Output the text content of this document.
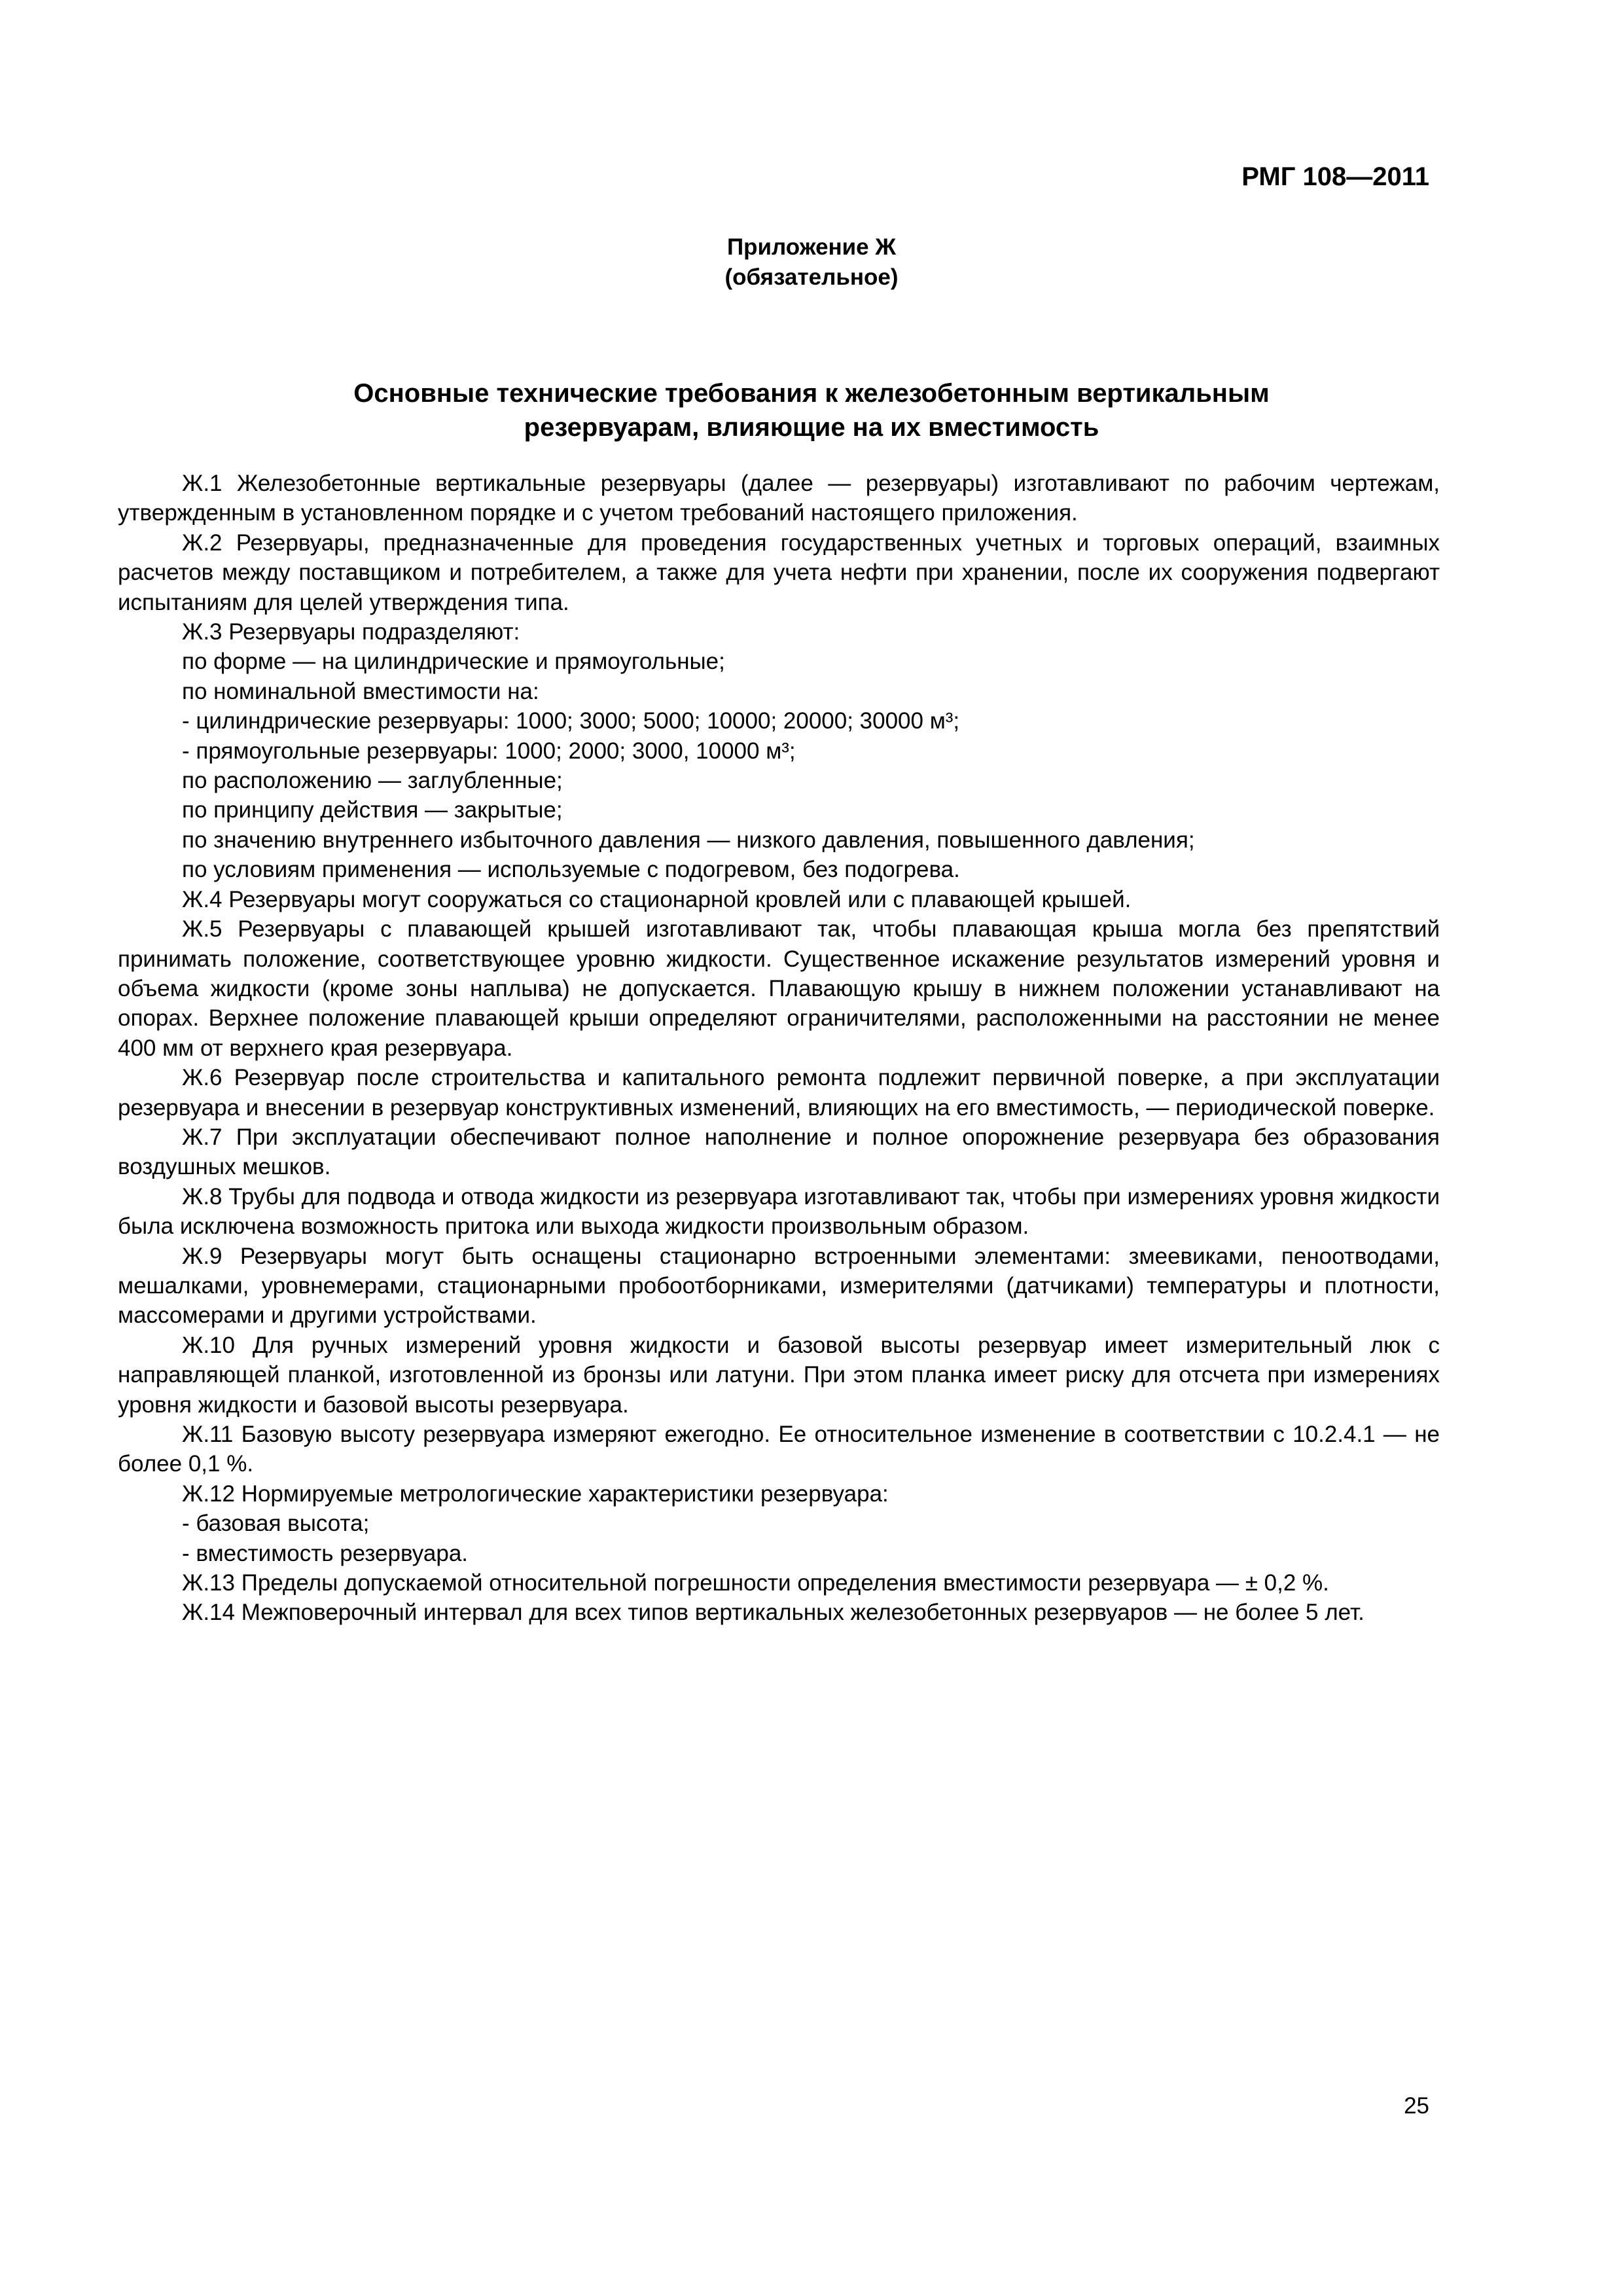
РМГ 108—2011
Приложение Ж
(обязательное)
Основные технические требования к железобетонным вертикальным
резервуарам, влияющие на их вместимость

Ж.1 Железобетонные вертикальные резервуары (далее — резервуары) изготавливают по рабочим чертежам, утвержденным в установленном порядке и с учетом требований настоящего приложения.

Ж.2 Резервуары, предназначенные для проведения государственных учетных и торговых операций, взаимных расчетов между поставщиком и потребителем, а также для учета нефти при хранении, после их сооружения подвергают испытаниям для целей утверждения типа.

Ж.3 Резервуары подразделяют:

по форме — на цилиндрические и прямоугольные;

по номинальной вместимости на:

- цилиндрические резервуары: 1000; 3000; 5000; 10000; 20000; 30000 м³;

- прямоугольные резервуары: 1000; 2000; 3000, 10000 м³;

по расположению — заглубленные;

по принципу действия — закрытые;

по значению внутреннего избыточного давления — низкого давления, повышенного давления;

по условиям применения — используемые с подогревом, без подогрева.

Ж.4 Резервуары могут сооружаться со стационарной кровлей или с плавающей крышей.

Ж.5 Резервуары с плавающей крышей изготавливают так, чтобы плавающая крыша могла без препятствий принимать положение, соответствующее уровню жидкости. Существенное искажение результатов измерений уровня и объема жидкости (кроме зоны наплыва) не допускается. Плавающую крышу в нижнем положении устанавливают на опорах. Верхнее положение плавающей крыши определяют ограничителями, расположенными на расстоянии не менее 400 мм от верхнего края резервуара.

Ж.6 Резервуар после строительства и капитального ремонта подлежит первичной поверке, а при эксплуатации резервуара и внесении в резервуар конструктивных изменений, влияющих на его вместимость, — периодической поверке.

Ж.7 При эксплуатации обеспечивают полное наполнение и полное опорожнение резервуара без образования воздушных мешков.

Ж.8 Трубы для подвода и отвода жидкости из резервуара изготавливают так, чтобы при измерениях уровня жидкости была исключена возможность притока или выхода жидкости произвольным образом.

Ж.9 Резервуары могут быть оснащены стационарно встроенными элементами: змеевиками, пеноотводами, мешалками, уровнемерами, стационарными пробоотборниками, измерителями (датчиками) температуры и плотности, массомерами и другими устройствами.

Ж.10 Для ручных измерений уровня жидкости и базовой высоты резервуар имеет измерительный люк с направляющей планкой, изготовленной из бронзы или латуни. При этом планка имеет риску для отсчета при измерениях уровня жидкости и базовой высоты резервуара.

Ж.11 Базовую высоту резервуара измеряют ежегодно. Ее относительное изменение в соответствии с 10.2.4.1 — не более 0,1 %.

Ж.12 Нормируемые метрологические характеристики резервуара:

- базовая высота;

- вместимость резервуара.

Ж.13 Пределы допускаемой относительной погрешности определения вместимости резервуара — ± 0,2 %.

Ж.14 Межповерочный интервал для всех типов вертикальных железобетонных резервуаров — не более 5 лет.

25
